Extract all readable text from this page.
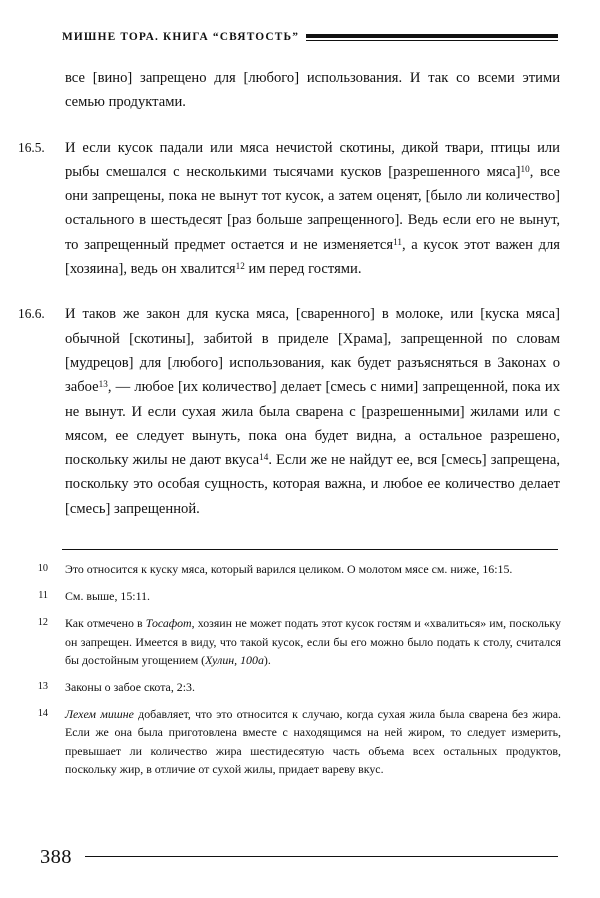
МИШНЕ ТОРА. КНИГА “СВЯТОСТЬ”

все [вино] запрещено для [любого] использования. И так со всеми этими семью продуктами.

16.5.	И если кусок падали или мяса нечистой скотины, дикой твари, птицы или рыбы смешался с несколькими тысячами кусков [разрешенного мяса]$^{10}$, все они запрещены, пока не вынут тот кусок, а затем оценят, [было ли количество] остального в шестьдесят [раз больше запрещенного]. Ведь если его не вынут, то запрещенный предмет остается и не изменяется$^{11}$, а кусок этот важен для [хозяина], ведь он хвалится$^{12}$ им перед гостями.
16.6.	И таков же закон для куска мяса, [сваренного] в молоке, или [куска мяса] обычной [скотины], забитой в приделе [Храма], запрещенной по словам [мудрецов] для [любого] использования, как будет разъясняться в Законах о забое$^{13}$, — любое [их количество] делает [смесь с ними] запрещенной, пока их не вынут. И если сухая жила была сварена с [разрешенными] жилами или с мясом, ее следует вынуть, пока она будет видна, а остальное разрешено, поскольку жилы не дают вкуса$^{14}$. Если же не найдут ее, вся [смесь] запрещена, поскольку это особая сущность, которая важна, и любое ее количество делает [смесь] запрещенной.
10 Это относится к куску мяса, который варился целиком. О молотом мясе см. ниже, 16:15.
11 См. выше, 15:11.
12 Как отмечено в Тосафот, хозяин не может подать этот кусок гостям и «хвалиться» им, поскольку он запрещен. Имеется в виду, что такой кусок, если бы его можно было подать к столу, считался бы достойным угощением (Хулин, 100а).
13 Законы о забое скота, 2:3.
14 Лехем мишне добавляет, что это относится к случаю, когда сухая жила была сварена без жира. Если же она была приготовлена вместе с находящимся на ней жиром, то следует измерить, превышает ли количество жира шестидесятую часть объема всех остальных продуктов, поскольку жир, в отличие от сухой жилы, придает вареву вкус.
388
